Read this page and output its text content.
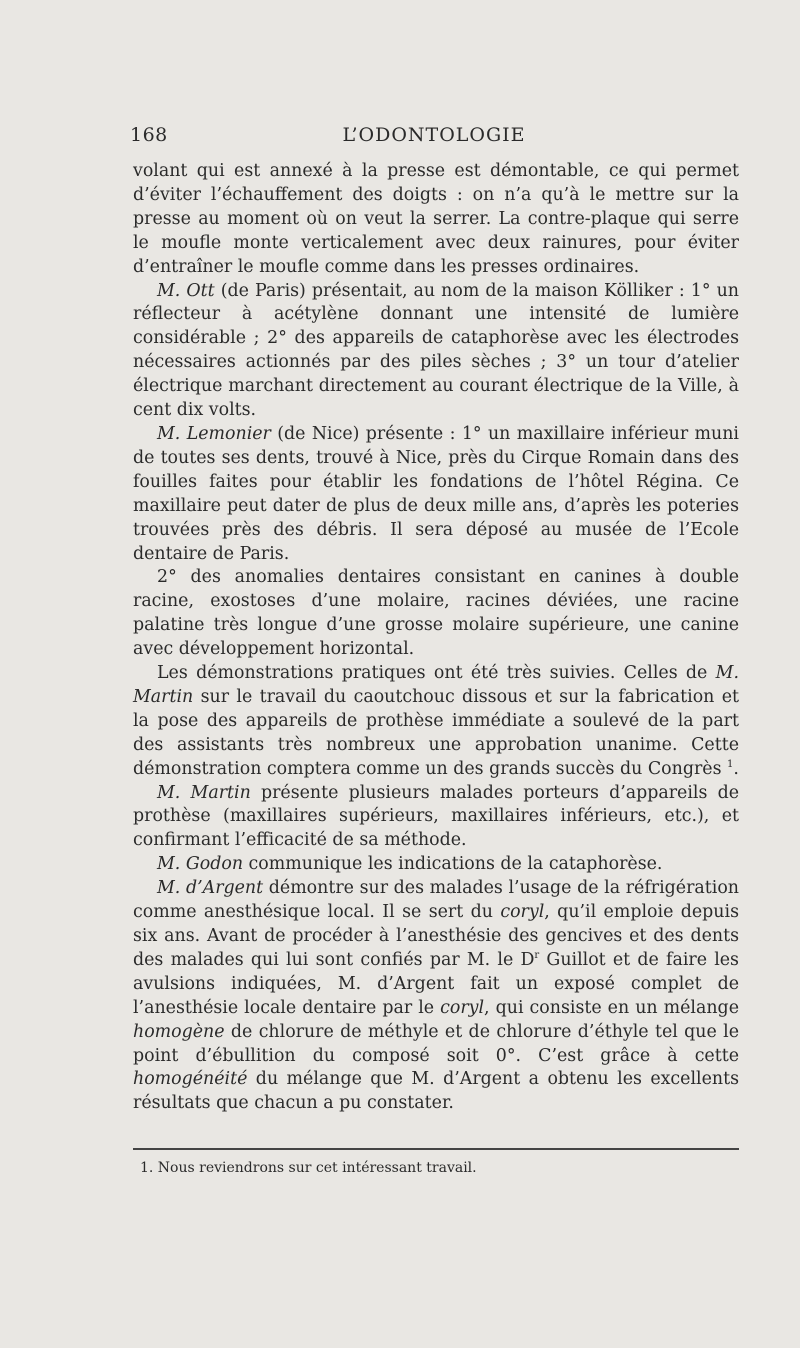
168	L’ODONTOLOGIE

volant qui est annexé à la presse est démontable, ce qui permet d’éviter l’échauffement des doigts : on n’a qu’à le mettre sur la presse au moment où on veut la serrer. La contre-plaque qui serre le moufle monte verticalement avec deux rainures, pour éviter d’entraîner le moufle comme dans les presses ordinaires.

M. Ott (de Paris) présentait, au nom de la maison Kölliker : 1° un réflecteur à acétylène donnant une intensité de lumière considérable ; 2° des appareils de cataphorèse avec les électrodes nécessaires actionnés par des piles sèches ; 3° un tour d’atelier électrique marchant directement au courant électrique de la Ville, à cent dix volts.

M. Lemonier (de Nice) présente : 1° un maxillaire inférieur muni de toutes ses dents, trouvé à Nice, près du Cirque Romain dans des fouilles faites pour établir les fondations de l’hôtel Régina. Ce maxillaire peut dater de plus de deux mille ans, d’après les poteries trouvées près des débris. Il sera déposé au musée de l’Ecole dentaire de Paris.

2° des anomalies dentaires consistant en canines à double racine, exostoses d’une molaire, racines déviées, une racine palatine très longue d’une grosse molaire supérieure, une canine avec développement horizontal.

Les démonstrations pratiques ont été très suivies. Celles de M. Martin sur le travail du caoutchouc dissous et sur la fabrication et la pose des appareils de prothèse immédiate a soulevé de la part des assistants très nombreux une approbation unanime. Cette démonstration comptera comme un des grands succès du Congrès $^1$.

M. Martin présente plusieurs malades porteurs d’appareils de prothèse (maxillaires supérieurs, maxillaires inférieurs, etc.), et confirmant l’efficacité de sa méthode.

M. Godon communique les indications de la cataphorèse.

M. d’Argent démontre sur des malades l’usage de la réfrigération comme anesthésique local. Il se sert du coryl, qu’il emploie depuis six ans. Avant de procéder à l’anesthésie des gencives et des dents des malades qui lui sont confiés par M. le $D^r$ Guillot et de faire les avulsions indiquées, M. d’Argent fait un exposé complet de l’anesthésie locale dentaire par le coryl, qui consiste en un mélange homogène de chlorure de méthyle et de chlorure d’éthyle tel que le point d’ébullition du composé soit 0°. C’est grâce à cette homogénéité du mélange que M. d’Argent a obtenu les excellents résultats que chacun a pu constater.

1. Nous reviendrons sur cet intéressant travail.
